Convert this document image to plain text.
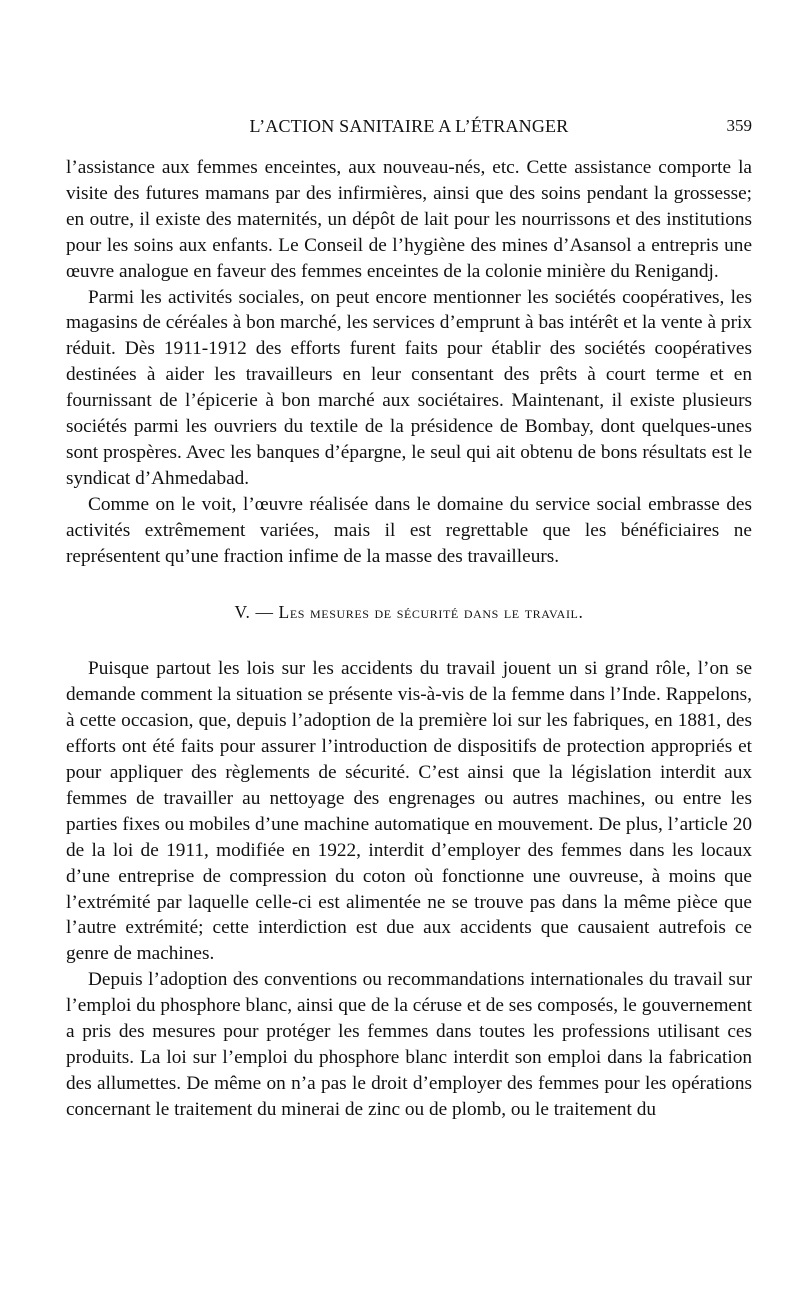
L’ACTION SANITAIRE A L’ÉTRANGER	359

l’assistance aux femmes enceintes, aux nouveau-nés, etc. Cette assistance comporte la visite des futures mamans par des infirmières, ainsi que des soins pendant la grossesse; en outre, il existe des maternités, un dépôt de lait pour les nourrissons et des institutions pour les soins aux enfants. Le Conseil de l’hygiène des mines d’Asansol a entrepris une œuvre analogue en faveur des femmes enceintes de la colonie minière du Renigandj.

Parmi les activités sociales, on peut encore mentionner les sociétés coopératives, les magasins de céréales à bon marché, les services d’emprunt à bas intérêt et la vente à prix réduit. Dès 1911-1912 des efforts furent faits pour établir des sociétés coopératives destinées à aider les travailleurs en leur consentant des prêts à court terme et en fournissant de l’épicerie à bon marché aux sociétaires. Maintenant, il existe plusieurs sociétés parmi les ouvriers du textile de la présidence de Bombay, dont quelques-unes sont prospères. Avec les banques d’épargne, le seul qui ait obtenu de bons résultats est le syndicat d’Ahmedabad.

Comme on le voit, l’œuvre réalisée dans le domaine du service social embrasse des activités extrêmement variées, mais il est regrettable que les bénéficiaires ne représentent qu’une fraction infime de la masse des travailleurs.

V. — Les mesures de sécurité dans le travail.

Puisque partout les lois sur les accidents du travail jouent un si grand rôle, l’on se demande comment la situation se présente vis-à-vis de la femme dans l’Inde. Rappelons, à cette occasion, que, depuis l’adoption de la première loi sur les fabriques, en 1881, des efforts ont été faits pour assurer l’introduction de dispositifs de protection appropriés et pour appliquer des règlements de sécurité. C’est ainsi que la législation interdit aux femmes de travailler au nettoyage des engrenages ou autres machines, ou entre les parties fixes ou mobiles d’une machine automatique en mouvement. De plus, l’article 20 de la loi de 1911, modifiée en 1922, interdit d’employer des femmes dans les locaux d’une entreprise de compression du coton où fonctionne une ouvreuse, à moins que l’extrémité par laquelle celle-ci est alimentée ne se trouve pas dans la même pièce que l’autre extrémité; cette interdiction est due aux accidents que causaient autrefois ce genre de machines.

Depuis l’adoption des conventions ou recommandations internationales du travail sur l’emploi du phosphore blanc, ainsi que de la céruse et de ses composés, le gouvernement a pris des mesures pour protéger les femmes dans toutes les professions utilisant ces produits. La loi sur l’emploi du phosphore blanc interdit son emploi dans la fabrication des allumettes. De même on n’a pas le droit d’employer des femmes pour les opérations concernant le traitement du minerai de zinc ou de plomb, ou le traitement du
